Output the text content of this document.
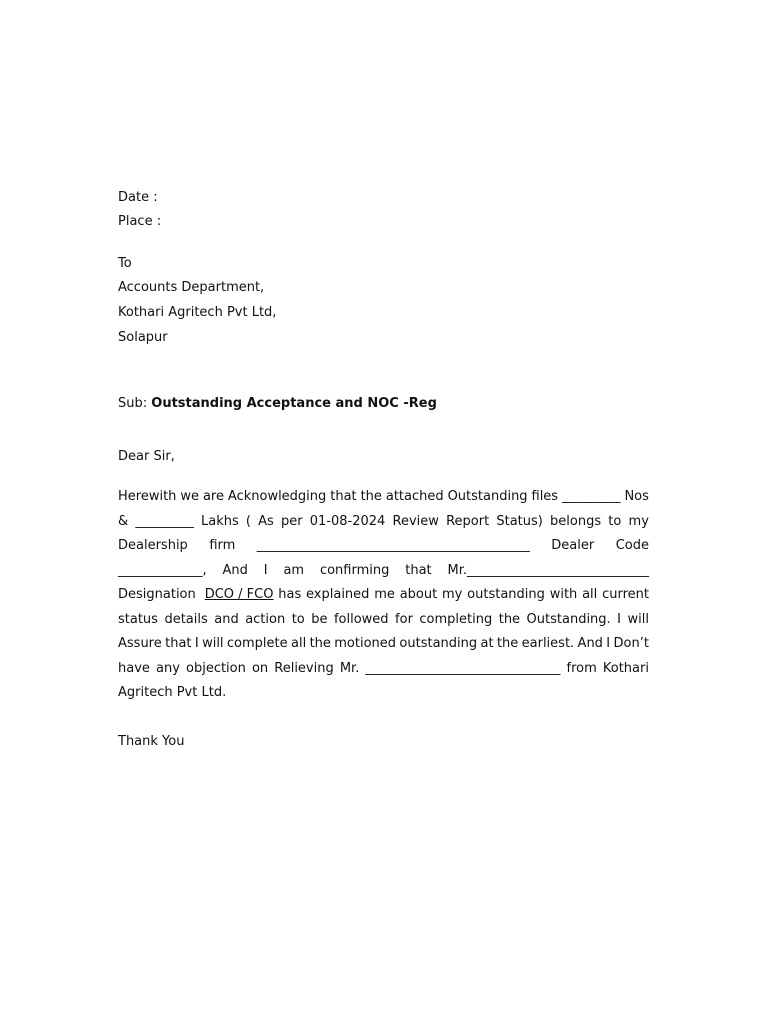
Date :
Place :
To
Accounts Department,
Kothari Agritech Pvt Ltd,
Solapur
Sub: Outstanding Acceptance and NOC -Reg
Dear Sir,
Herewith we are Acknowledging that the attached Outstanding files _________ Nos
& _________ Lakhs ( As per 01-08-2024 Review Report Status) belongs to my
Dealership firm __________________________________________ Dealer Code
_____________, And I am confirming that Mr.____________________________
Designation DCO / FCO has explained me about my outstanding with all current
status details and action to be followed for completing the Outstanding. I will
Assure that I will complete all the motioned outstanding at the earliest. And I Don’t
have any objection on Relieving Mr. ______________________________ from Kothari
Agritech Pvt Ltd.
Thank You
